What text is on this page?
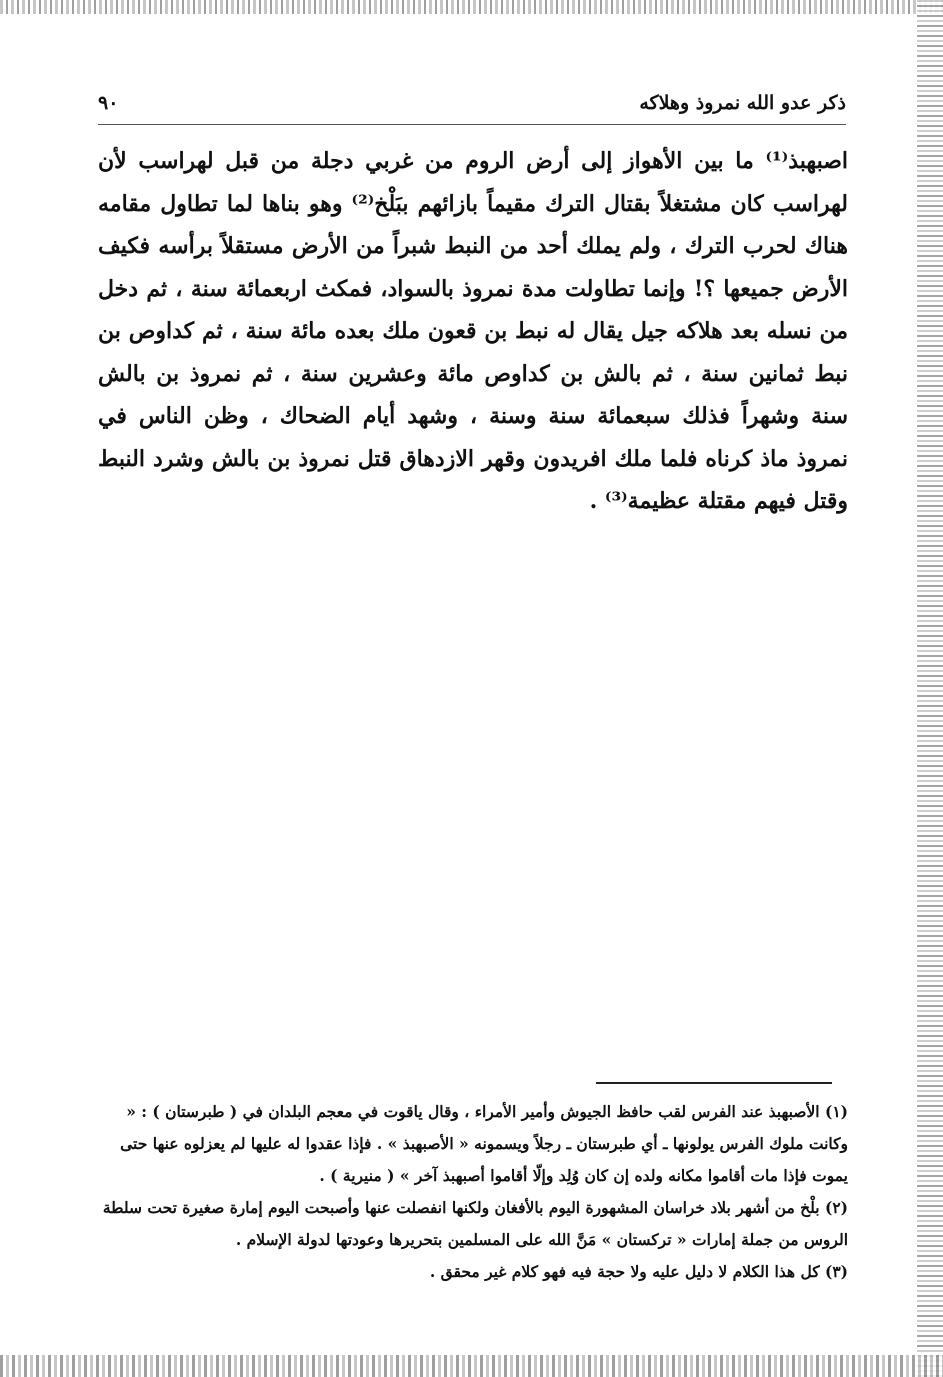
ذكر عدو الله نمروذ وهلاكه
٩٠

اصبهبذ⁽¹⁾ ما بين الأهواز إلى أرض الروم من غربي دجلة من قبل لهراسب لأن لهراسب كان مشتغلاً بقتال الترك مقيماً بازائهم ببَلْخ⁽²⁾ وهو بناها لما تطاول مقامه هناك لحرب الترك ، ولم يملك أحد من النبط شبراً من الأرض مستقلاً برأسه فكيف الأرض جميعها ؟! وإنما تطاولت مدة نمروذ بالسواد، فمكث اربعمائة سنة ، ثم دخل من نسله بعد هلاكه جيل يقال له نبط بن قعون ملك بعده مائة سنة ، ثم كداوص بن نبط ثمانين سنة ، ثم بالش بن كداوص مائة وعشرين سنة ، ثم نمروذ بن بالش سنة وشهراً فذلك سبعمائة سنة وسنة ، وشهد أيام الضحاك ، وظن الناس في نمروذ ماذ كرناه فلما ملك افريدون وقهر الازدهاق قتل نمروذ بن بالش وشرد النبط وقتل فيهم مقتلة عظيمة⁽³⁾ .

(١) الأصبهبذ عند الفرس لقب حافظ الجيوش وأمير الأمراء ، وقال ياقوت في معجم البلدان في ( طبرستان ) : « وكانت ملوك الفرس يولونها ـ أي طبرستان ـ رجلاً ويسمونه « الأصبهبذ » . فإذا عقدوا له عليها لم يعزلوه عنها حتى يموت فإذا مات أقاموا مكانه ولده إن كان وُلِد وإلّا أقاموا أصبهبذ آخر » ( منيرية ) .

(٢) بلْخ من أشهر بلاد خراسان المشهورة اليوم بالأفغان ولكنها انفصلت عنها وأصبحت اليوم إمارة صغيرة تحت سلطة الروس من جملة إمارات « تركستان » مَنَّ الله على المسلمين بتحريرها وعودتها لدولة الإسلام .

(٣) كل هذا الكلام لا دليل عليه ولا حجة فيه فهو كلام غير محقق .
